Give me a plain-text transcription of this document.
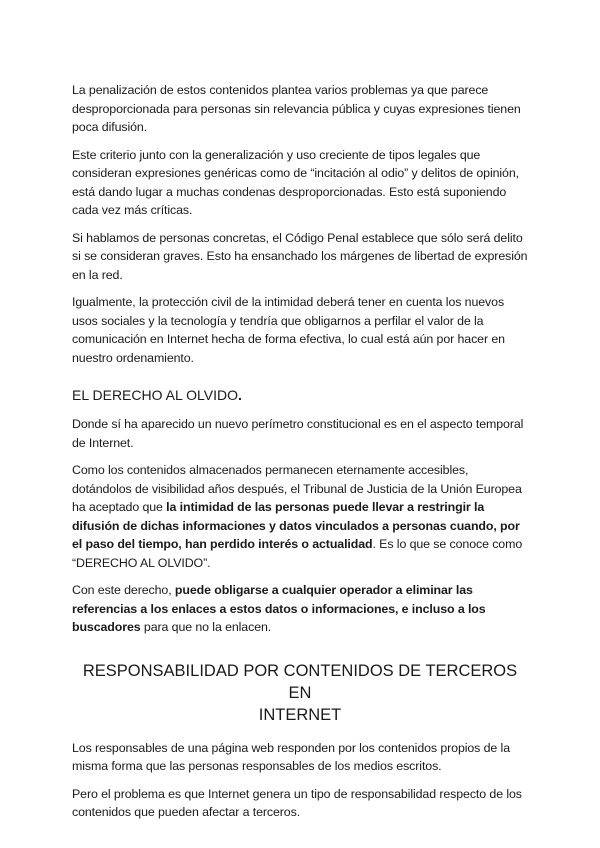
La penalización de estos contenidos plantea varios problemas ya que parece desproporcionada para personas sin relevancia pública y cuyas expresiones tienen poca difusión.

Este criterio junto con la generalización y uso creciente de tipos legales que consideran expresiones genéricas como de “incitación al odio” y delitos de opinión, está dando lugar a muchas condenas desproporcionadas. Esto está suponiendo cada vez más críticas.

Si hablamos de personas concretas, el Código Penal establece que sólo será delito si se consideran graves. Esto ha ensanchado los márgenes de libertad de expresión en la red.

Igualmente, la protección civil de la intimidad deberá tener en cuenta los nuevos usos sociales y la tecnología y tendría que obligarnos a perfilar el valor de la comunicación en Internet hecha de forma efectiva, lo cual está aún por hacer en nuestro ordenamiento.

EL DERECHO AL OLVIDO.

Donde sí ha aparecido un nuevo perímetro constitucional es en el aspecto temporal de Internet.

Como los contenidos almacenados permanecen eternamente accesibles, dotándolos de visibilidad años después, el Tribunal de Justicia de la Unión Europea ha aceptado que la intimidad de las personas puede llevar a restringir la difusión de dichas informaciones y datos vinculados a personas cuando, por el paso del tiempo, han perdido interés o actualidad. Es lo que se conoce como “DERECHO AL OLVIDO”.

Con este derecho, puede obligarse a cualquier operador a eliminar las referencias a los enlaces a estos datos o informaciones, e incluso a los buscadores para que no la enlacen.

RESPONSABILIDAD POR CONTENIDOS DE TERCEROS EN
INTERNET

Los responsables de una página web responden por los contenidos propios de la misma forma que las personas responsables de los medios escritos.

Pero el problema es que Internet genera un tipo de responsabilidad respecto de los contenidos que pueden afectar a terceros.
